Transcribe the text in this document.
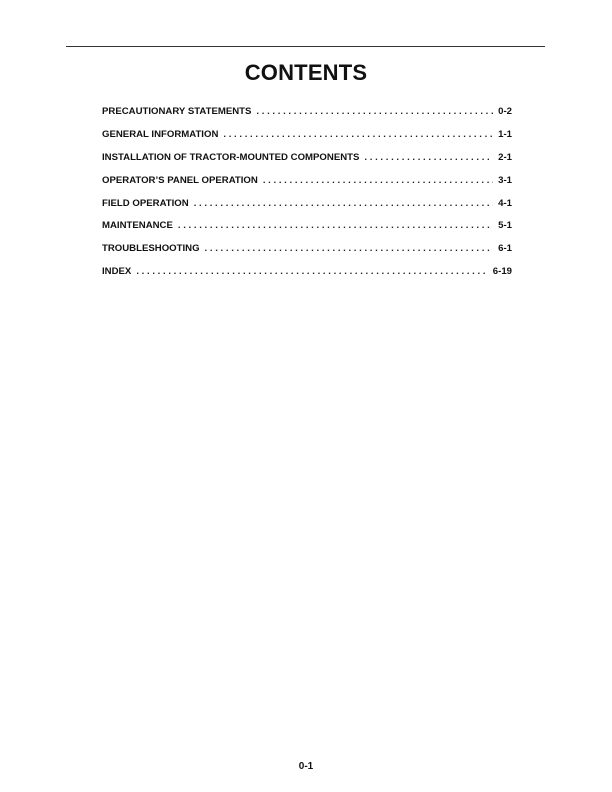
CONTENTS
PRECAUTIONARY STATEMENTS . . .	0-2
GENERAL INFORMATION . . .	1-1
INSTALLATION OF TRACTOR-MOUNTED COMPONENTS . . .	2-1
OPERATOR’S PANEL OPERATION . . .	3-1
FIELD OPERATION . . .	4-1
MAINTENANCE . . .	5-1
TROUBLESHOOTING . . .	6-1
INDEX . . .	6-19
0-1
